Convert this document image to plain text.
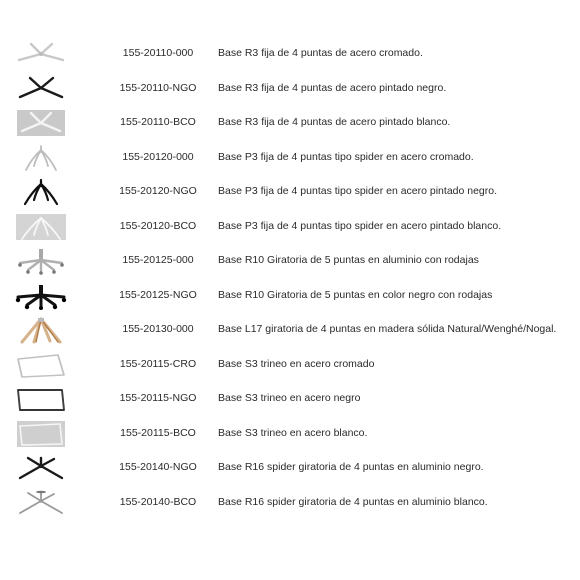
155-20110-000	Base R3 fija de 4 puntas de acero cromado.
155-20110-NGO	Base R3 fija de 4 puntas de acero pintado negro.
155-20110-BCO	Base R3 fija de 4 puntas de acero pintado blanco.
155-20120-000	Base P3 fija de 4 puntas tipo spider en acero cromado.
155-20120-NGO	Base P3 fija de 4 puntas tipo spider en acero pintado negro.
155-20120-BCO	Base P3 fija de 4 puntas tipo spider en acero pintado blanco.
155-20125-000	Base R10 Giratoria de 5 puntas en aluminio con rodajas
155-20125-NGO	Base R10 Giratoria de 5 puntas en color negro con rodajas
155-20130-000	Base L17 giratoria de 4 puntas en madera sólida Natural/Wenghé/Nogal.
155-20115-CRO	Base S3 trineo en acero cromado
155-20115-NGO	Base S3 trineo en acero negro
155-20115-BCO	Base S3 trineo en acero blanco.
155-20140-NGO	Base R16 spider giratoria de 4 puntas en aluminio negro.
155-20140-BCO	Base R16 spider giratoria de 4 puntas en aluminio blanco.
